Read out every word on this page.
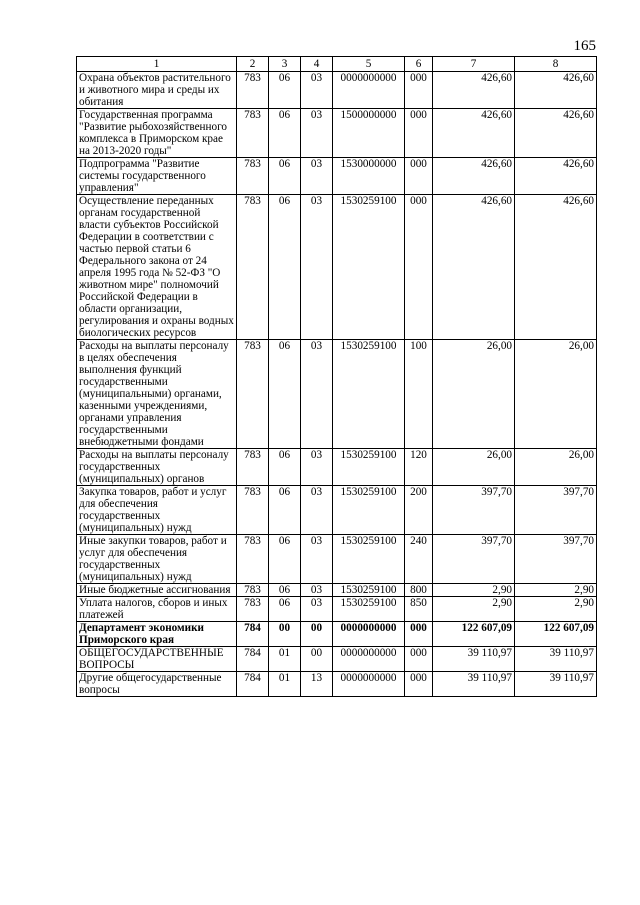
165
1	2	3	4	5	6	7	8
Охрана объектов растительного и животного мира и среды их обитания	783	06	03	0000000000	000	426,60	426,60
Государственная программа "Развитие рыбохозяйственного комплекса в Приморском крае на 2013-2020 годы"	783	06	03	1500000000	000	426,60	426,60
Подпрограмма "Развитие системы государственного управления"	783	06	03	1530000000	000	426,60	426,60
Осуществление переданных органам государственной власти субъектов Российской Федерации в соответствии с частью первой статьи 6 Федерального закона от 24 апреля 1995 года № 52-ФЗ "О животном мире" полномочий Российской Федерации в области организации, регулирования и охраны водных биологических ресурсов	783	06	03	1530259100	000	426,60	426,60
Расходы на выплаты персоналу в целях обеспечения выполнения функций государственными (муниципальными) органами, казенными учреждениями, органами управления государственными внебюджетными фондами	783	06	03	1530259100	100	26,00	26,00
Расходы на выплаты персоналу государственных (муниципальных) органов	783	06	03	1530259100	120	26,00	26,00
Закупка товаров, работ и услуг для обеспечения государственных (муниципальных) нужд	783	06	03	1530259100	200	397,70	397,70
Иные закупки товаров, работ и услуг для обеспечения государственных (муниципальных) нужд	783	06	03	1530259100	240	397,70	397,70
Иные бюджетные ассигнования	783	06	03	1530259100	800	2,90	2,90
Уплата налогов, сборов и иных платежей	783	06	03	1530259100	850	2,90	2,90
Департамент экономики Приморского края	784	00	00	0000000000	000	122 607,09	122 607,09
ОБЩЕГОСУДАРСТВЕННЫЕ ВОПРОСЫ	784	01	00	0000000000	000	39 110,97	39 110,97
Другие общегосударственные вопросы	784	01	13	0000000000	000	39 110,97	39 110,97
